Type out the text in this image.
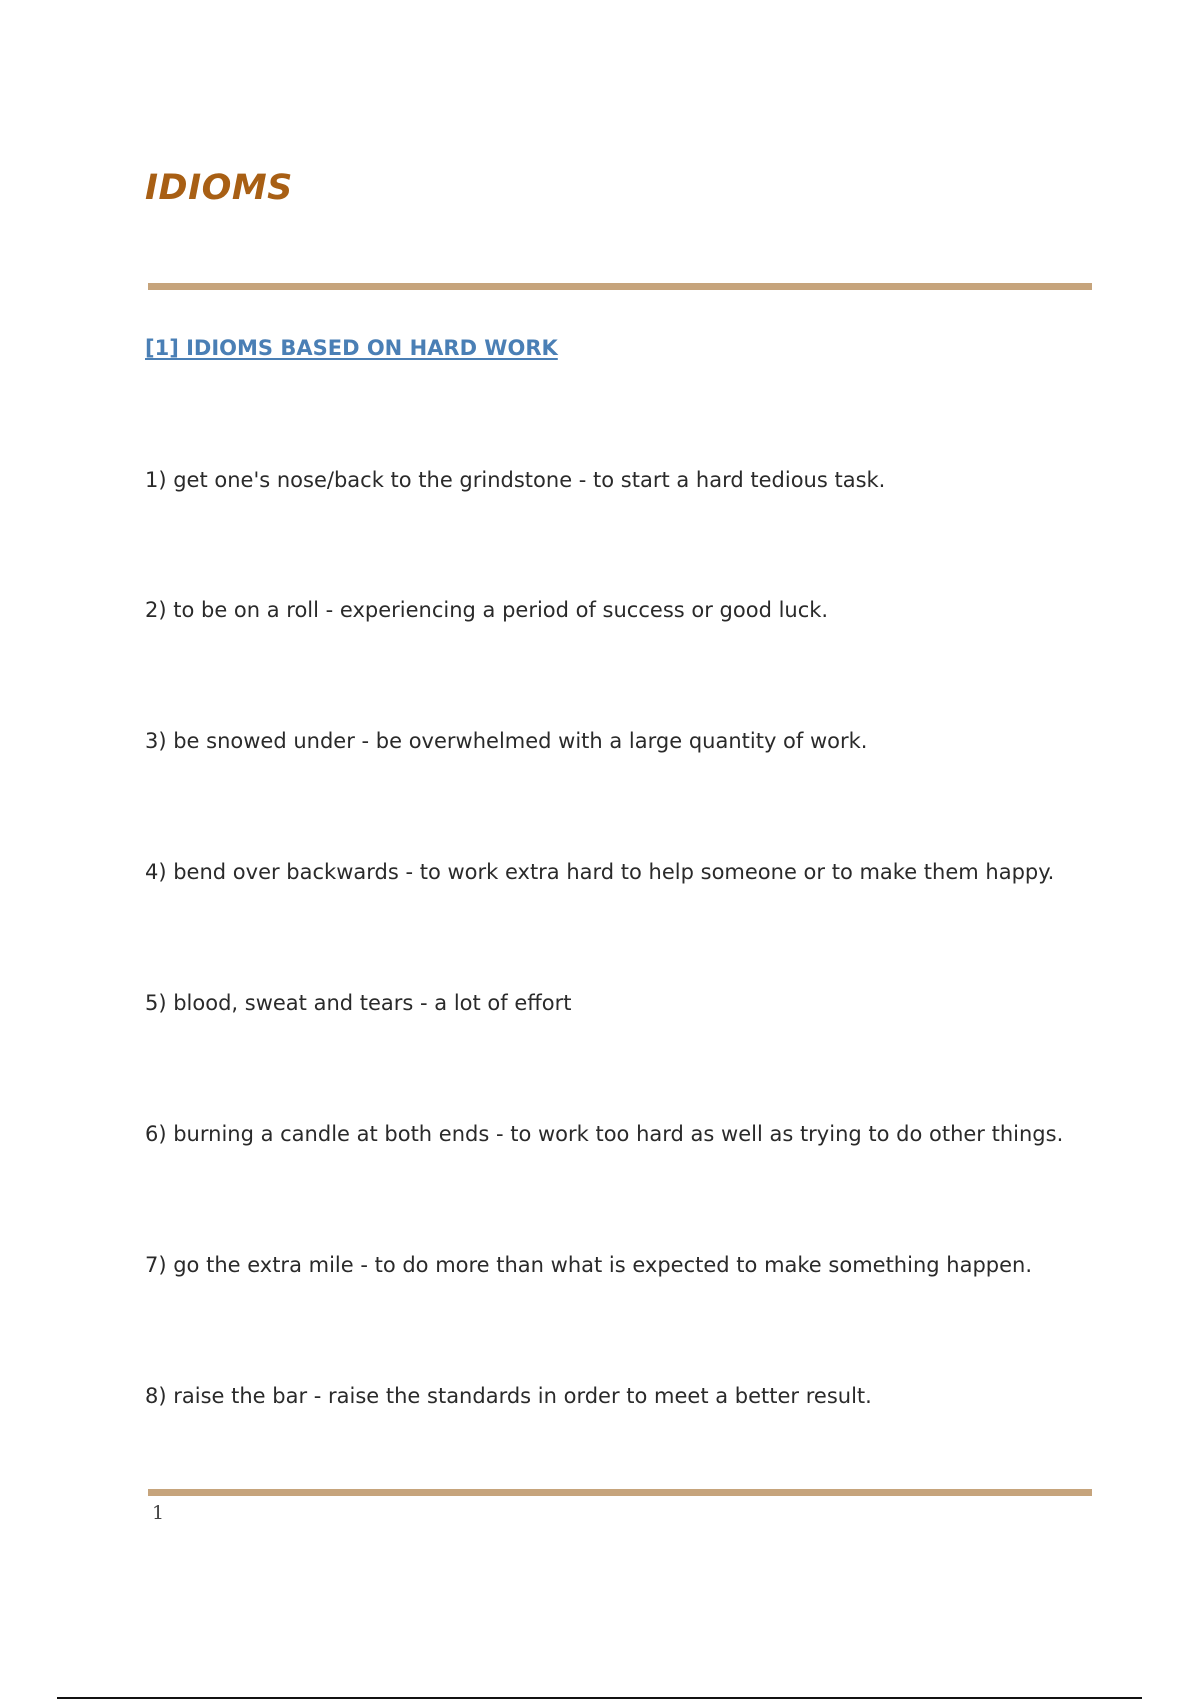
IDIOMS
[1] IDIOMS BASED ON HARD WORK
1) get one's nose/back to the grindstone - to start a hard tedious task.
2) to be on a roll - experiencing a period of success or good luck.
3) be snowed under - be overwhelmed with a large quantity of work.
4) bend over backwards - to work extra hard to help someone or to make them happy.
5) blood, sweat and tears - a lot of effort
6) burning a candle at both ends - to work too hard as well as trying to do other things.
7) go the extra mile - to do more than what is expected to make something happen.
8) raise the bar - raise the standards in order to meet a better result.
1
